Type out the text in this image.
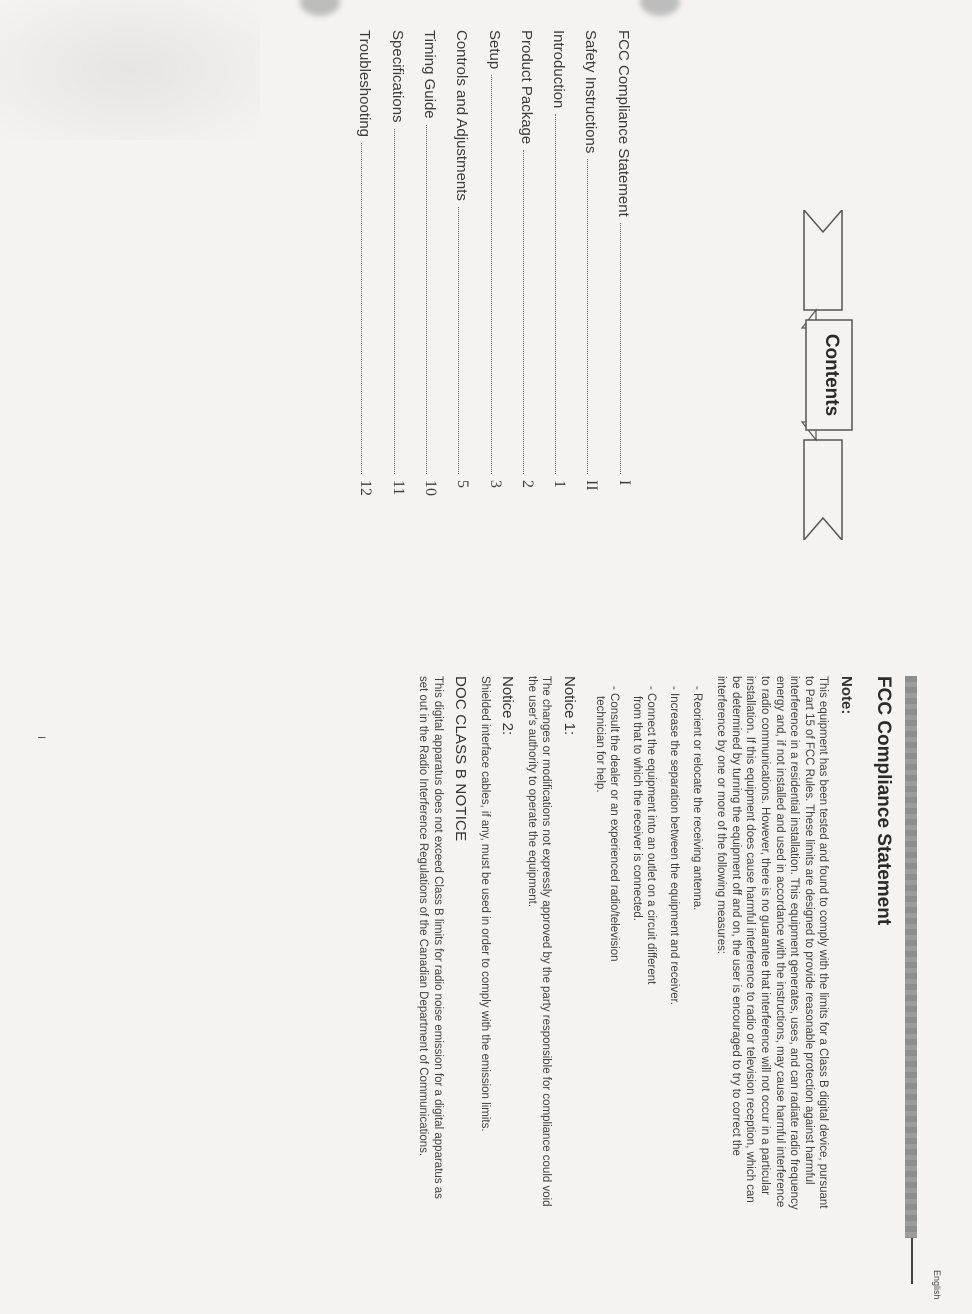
Contents
FCC Compliance Statement
I
Safety Instructions
II
Introduction
1
Product Package
2
Setup
3
Controls and Adjustments
5
Timing Guide
10
Specifications
11
Troubleshooting
12
English
FCC Compliance Statement
Note:

This equipment has been tested and found to comply with the limits for a Class B digital device, pursuant to Part 15 of FCC Rules. These limits are designed to provide reasonable protection against harmful interference in a residential installation. This equipment generates, uses, and can radiate radio frequency energy and, if not installed and used in accordance with the instructions, may cause harmful interference to radio communications. However, there is no guarantee that interference will not occur in a particular installation. If this equipment does cause harmful interference to radio or television reception, which can be determined by turning the equipment off and on, the user is encouraged to try to correct the interference by one or more of the following measures:

- Reorient or relocate the receiving antenna.
- Increase the separation between the equipment and receiver.
- Connect the equipment into an outlet on a circuit different
from that to which the receiver is connected.
- Consult the dealer or an experienced radio/television
technician for help.
Notice 1:

The changes or modifications not expressly approved by the party responsible for compliance could void the user's authority to operate the equipment.

Notice 2:

Shielded interface cables, if any, must be used in order to comply with the emission limits.

DOC CLASS B NOTICE

This digital apparatus does not exceed Class B limits for radio noise emission for a digital apparatus as set out in the Radio Interference Regulations of the Canadian Department of Communications.

I
